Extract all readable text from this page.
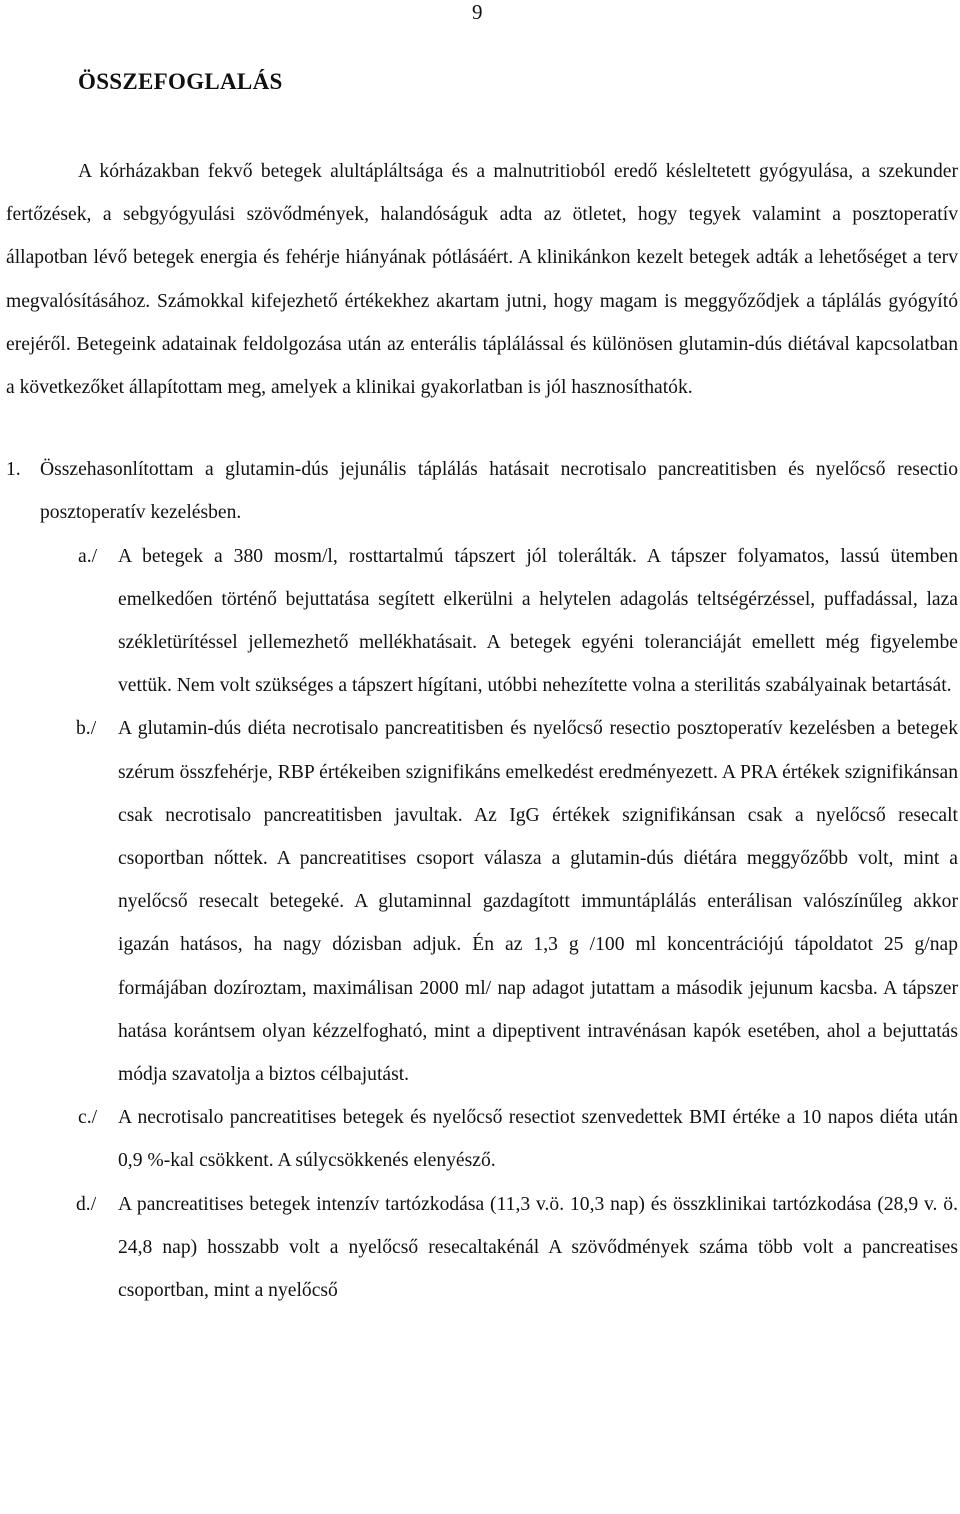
9
ÖSSZEFOGLALÁS

A kórházakban fekvő betegek alultápláltsága és a malnutritioból eredő késleltetett gyógyulása, a szekunder fertőzések, a sebgyógyulási szövődmények, halandóságuk adta az ötletet, hogy tegyek valamint a posztoperatív állapotban lévő betegek energia és fehérje hiányának pótlásáért. A klinikánkon kezelt betegek adták a lehetőséget a terv megvalósításához. Számokkal kifejezhető értékekhez akartam jutni, hogy magam is meggyőződjek a táplálás gyógyító erejéről. Betegeink adatainak feldolgozása után az enterális táplálással és különösen glutamin-dús diétával kapcsolatban a következőket állapítottam meg, amelyek a klinikai gyakorlatban is jól hasznosíthatók.

1. Összehasonlítottam a glutamin-dús jejunális táplálás hatásait necrotisalo pancreatitisben és nyelőcső resectio posztoperatív kezelésben.

a./ A betegek a 380 mosm/l, rosttartalmú tápszert jól tolerálták. A tápszer folyamatos, lassú ütemben emelkedően történő bejuttatása segített elkerülni a helytelen adagolás teltségérzéssel, puffadással, laza székletürítéssel jellemezhető mellékhatásait. A betegek egyéni toleranciáját emellett még figyelembe vettük. Nem volt szükséges a tápszert hígítani, utóbbi nehezítette volna a sterilitás szabályainak betartását.

b./ A glutamin-dús diéta necrotisalo pancreatitisben és nyelőcső resectio posztoperatív kezelésben a betegek szérum összfehérje, RBP értékeiben szignifikáns emelkedést eredményezett. A PRA értékek szignifikánsan csak necrotisalo pancreatitisben javultak. Az IgG értékek szignifikánsan csak a nyelőcső resecalt csoportban nőttek. A pancreatitises csoport válasza a glutamin-dús diétára meggyőzőbb volt, mint a nyelőcső resecalt betegeké. A glutaminnal gazdagított immuntáplálás enterálisan valószínűleg akkor igazán hatásos, ha nagy dózisban adjuk. Én az 1,3 g /100 ml koncentrációjú tápoldatot 25 g/nap formájában dozíroztam, maximálisan 2000 ml/ nap adagot jutattam a második jejunum kacsba. A tápszer hatása korántsem olyan kézzelfogható, mint a dipeptivent intravénásan kapók esetében, ahol a bejuttatás módja szavatolja a biztos célbajutást.

c./ A necrotisalo pancreatitises betegek és nyelőcső resectiot szenvedettek BMI értéke a 10 napos diéta után 0,9 %-kal csökkent. A súlycsökkenés elenyésző.

d./ A pancreatitises betegek intenzív tartózkodása (11,3 v.ö. 10,3 nap) és összklinikai tartózkodása (28,9 v. ö. 24,8 nap) hosszabb volt a nyelőcső resecaltakénál A szövődmények száma több volt a pancreatises csoportban, mint a nyelőcső
